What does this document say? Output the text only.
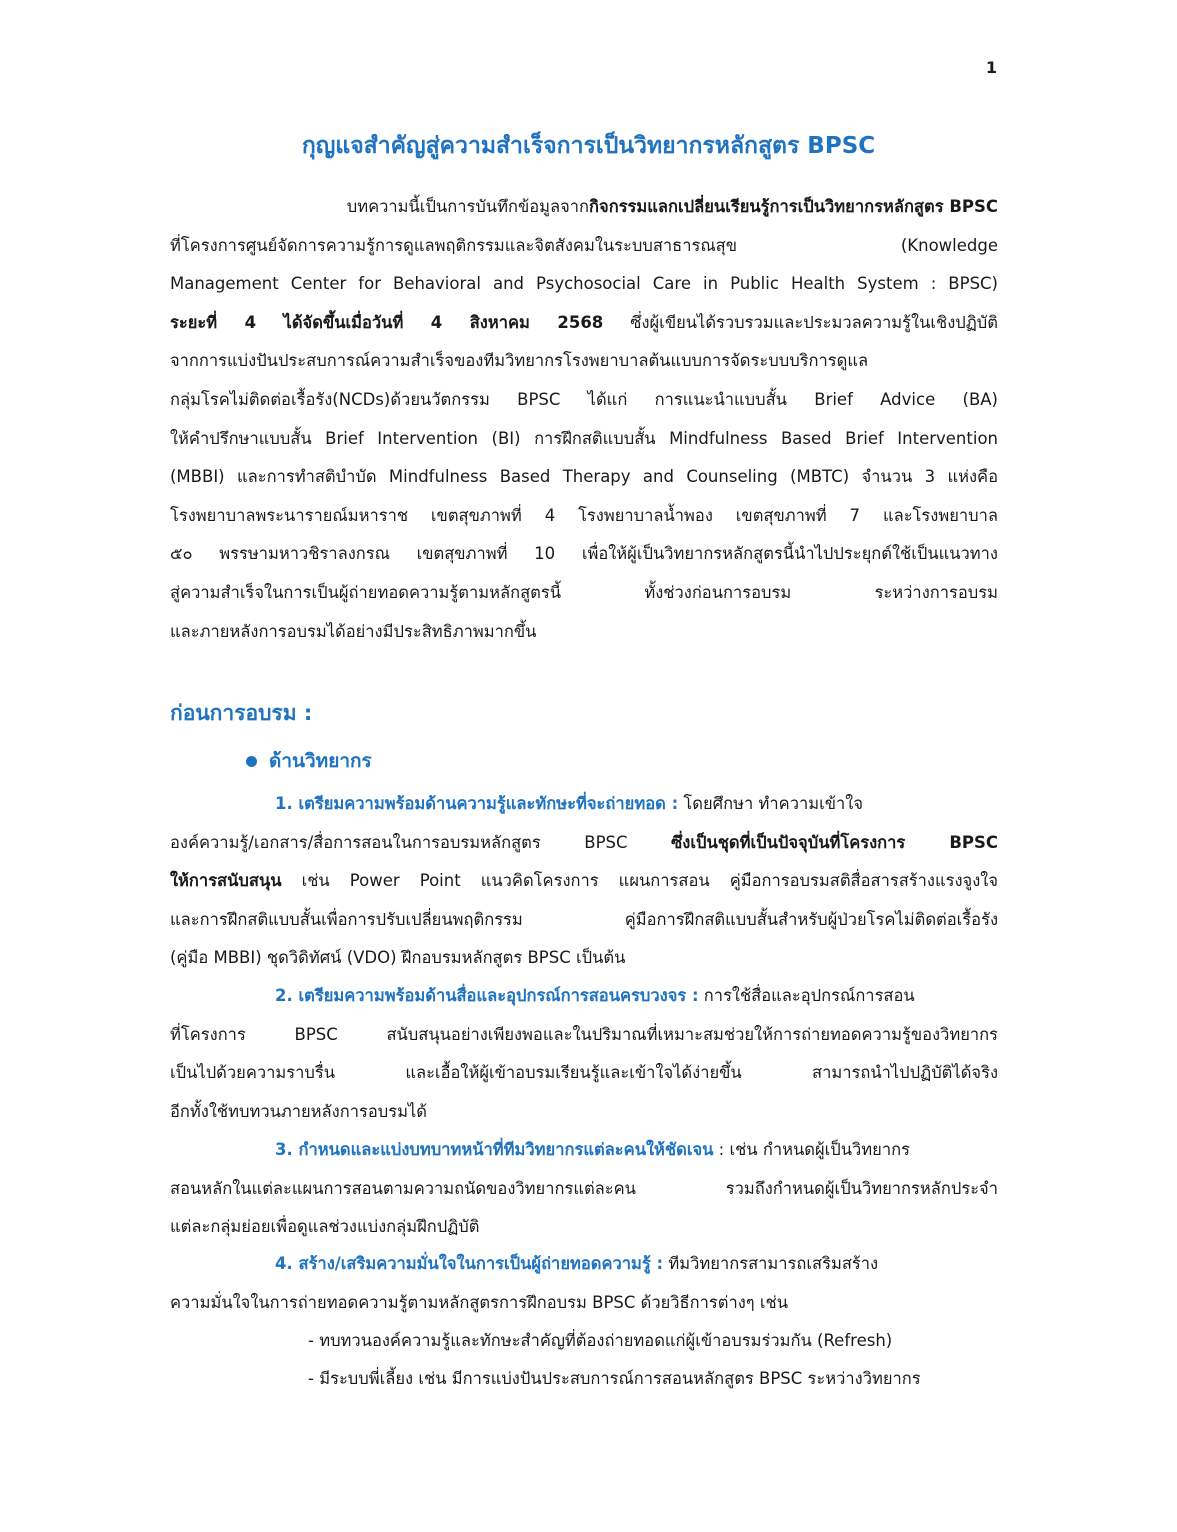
1
กุญแจสำคัญสู่ความสำเร็จการเป็นวิทยากรหลักสูตร BPSC
บทความนี้เป็นการบันทึกข้อมูลจากกิจกรรมแลกเปลี่ยนเรียนรู้การเป็นวิทยากรหลักสูตร BPSC
ที่โครงการศูนย์จัดการความรู้การดูแลพฤติกรรมและจิตสังคมในระบบสาธารณสุข (Knowledge
Management Center for Behavioral and Psychosocial Care in Public Health System : BPSC)
ระยะที่ 4 ได้จัดขึ้นเมื่อวันที่ 4 สิงหาคม 2568 ซึ่งผู้เขียนได้รวบรวมและประมวลความรู้ในเชิงปฏิบัติ
จากการแบ่งปันประสบการณ์ความสำเร็จของทีมวิทยากรโรงพยาบาลต้นแบบการจัดระบบบริการดูแล
กลุ่มโรคไม่ติดต่อเรื้อรัง(NCDs)ด้วยนวัตกรรม BPSC ได้แก่ การแนะนำแบบสั้น Brief Advice (BA)
ให้คำปรึกษาแบบสั้น Brief Intervention (BI) การฝึกสติแบบสั้น Mindfulness Based Brief Intervention
(MBBI) และการทำสติบำบัด Mindfulness Based Therapy and Counseling (MBTC) จำนวน 3 แห่งคือ
โรงพยาบาลพระนารายณ์มหาราช เขตสุขภาพที่ 4 โรงพยาบาลน้ำพอง เขตสุขภาพที่ 7 และโรงพยาบาล
๕๐ พรรษามหาวชิราลงกรณ เขตสุขภาพที่ 10 เพื่อให้ผู้เป็นวิทยากรหลักสูตรนี้นำไปประยุกต์ใช้เป็นแนวทาง
สู่ความสำเร็จในการเป็นผู้ถ่ายทอดความรู้ตามหลักสูตรนี้ ทั้งช่วงก่อนการอบรม ระหว่างการอบรม
และภายหลังการอบรมได้อย่างมีประสิทธิภาพมากขึ้น
ก่อนการอบรม :
ด้านวิทยากร
1. เตรียมความพร้อมด้านความรู้และทักษะที่จะถ่ายทอด : โดยศึกษา ทำความเข้าใจ
องค์ความรู้/เอกสาร/สื่อการสอนในการอบรมหลักสูตร BPSC ซึ่งเป็นชุดที่เป็นปัจจุบันที่โครงการ BPSC
ให้การสนับสนุน เช่น Power Point แนวคิดโครงการ แผนการสอน คู่มือการอบรมสติสื่อสารสร้างแรงจูงใจ
และการฝึกสติแบบสั้นเพื่อการปรับเปลี่ยนพฤติกรรม คู่มือการฝึกสติแบบสั้นสำหรับผู้ป่วยโรคไม่ติดต่อเรื้อรัง
(คู่มือ MBBI) ชุดวิดิทัศน์ (VDO) ฝึกอบรมหลักสูตร BPSC เป็นต้น
2. เตรียมความพร้อมด้านสื่อและอุปกรณ์การสอนครบวงจร : การใช้สื่อและอุปกรณ์การสอน
ที่โครงการ BPSC สนับสนุนอย่างเพียงพอและในปริมาณที่เหมาะสมช่วยให้การถ่ายทอดความรู้ของวิทยากร
เป็นไปด้วยความราบรื่น และเอื้อให้ผู้เข้าอบรมเรียนรู้และเข้าใจได้ง่ายขึ้น สามารถนำไปปฏิบัติได้จริง
อีกทั้งใช้ทบทวนภายหลังการอบรมได้
3. กำหนดและแบ่งบทบาทหน้าที่ทีมวิทยากรแต่ละคนให้ชัดเจน : เช่น กำหนดผู้เป็นวิทยากร
สอนหลักในแต่ละแผนการสอนตามความถนัดของวิทยากรแต่ละคน รวมถึงกำหนดผู้เป็นวิทยากรหลักประจำ
แต่ละกลุ่มย่อยเพื่อดูแลช่วงแบ่งกลุ่มฝึกปฏิบัติ
4. สร้าง/เสริมความมั่นใจในการเป็นผู้ถ่ายทอดความรู้ : ทีมวิทยากรสามารถเสริมสร้าง
ความมั่นใจในการถ่ายทอดความรู้ตามหลักสูตรการฝึกอบรม BPSC ด้วยวิธีการต่างๆ เช่น
- ทบทวนองค์ความรู้และทักษะสำคัญที่ต้องถ่ายทอดแก่ผู้เข้าอบรมร่วมกัน (Refresh)
- มีระบบพี่เลี้ยง เช่น มีการแบ่งปันประสบการณ์การสอนหลักสูตร BPSC ระหว่างวิทยากร
